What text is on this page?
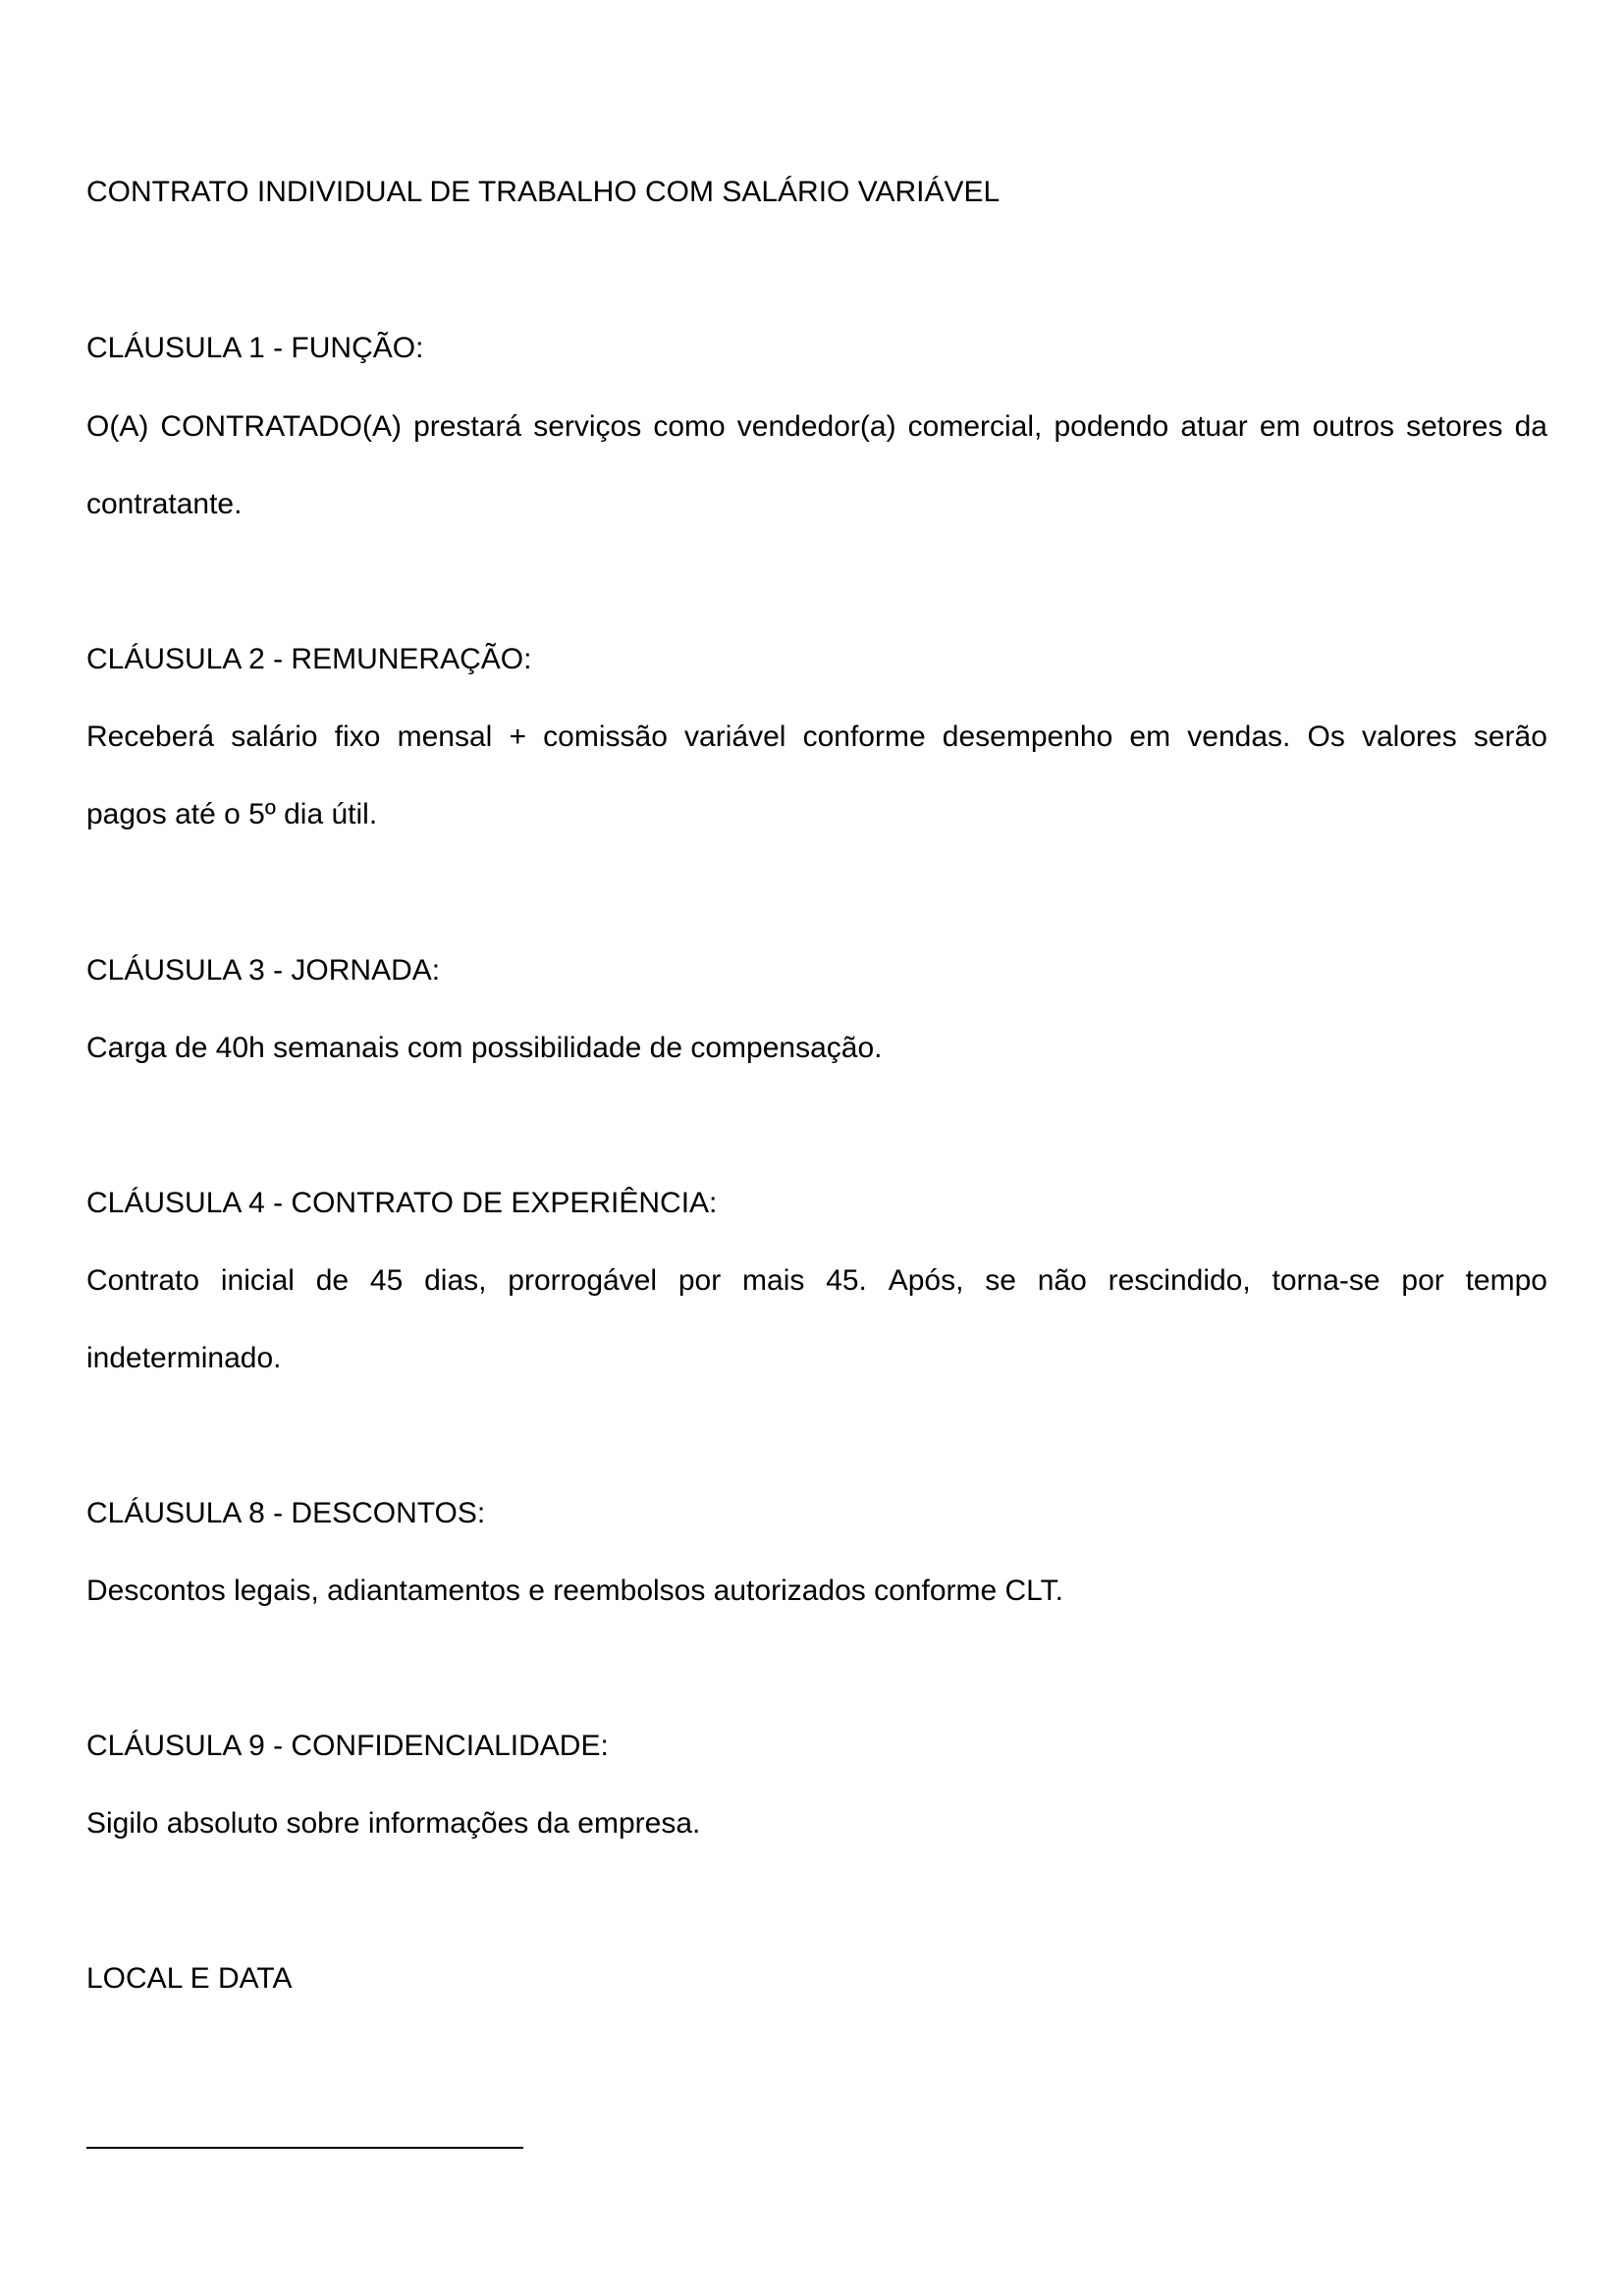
CONTRATO INDIVIDUAL DE TRABALHO COM SALÁRIO VARIÁVEL

CLÁUSULA 1 - FUNÇÃO:

O(A) CONTRATADO(A) prestará serviços como vendedor(a) comercial, podendo atuar em outros setores da

contratante.

CLÁUSULA 2 - REMUNERAÇÃO:

Receberá salário fixo mensal + comissão variável conforme desempenho em vendas. Os valores serão

pagos até o 5º dia útil.

CLÁUSULA 3 - JORNADA:

Carga de 40h semanais com possibilidade de compensação.

CLÁUSULA 4 - CONTRATO DE EXPERIÊNCIA:

Contrato inicial de 45 dias, prorrogável por mais 45. Após, se não rescindido, torna-se por tempo

indeterminado.

CLÁUSULA 8 - DESCONTOS:

Descontos legais, adiantamentos e reembolsos autorizados conforme CLT.

CLÁUSULA 9 - CONFIDENCIALIDADE:

Sigilo absoluto sobre informações da empresa.

LOCAL E DATA
